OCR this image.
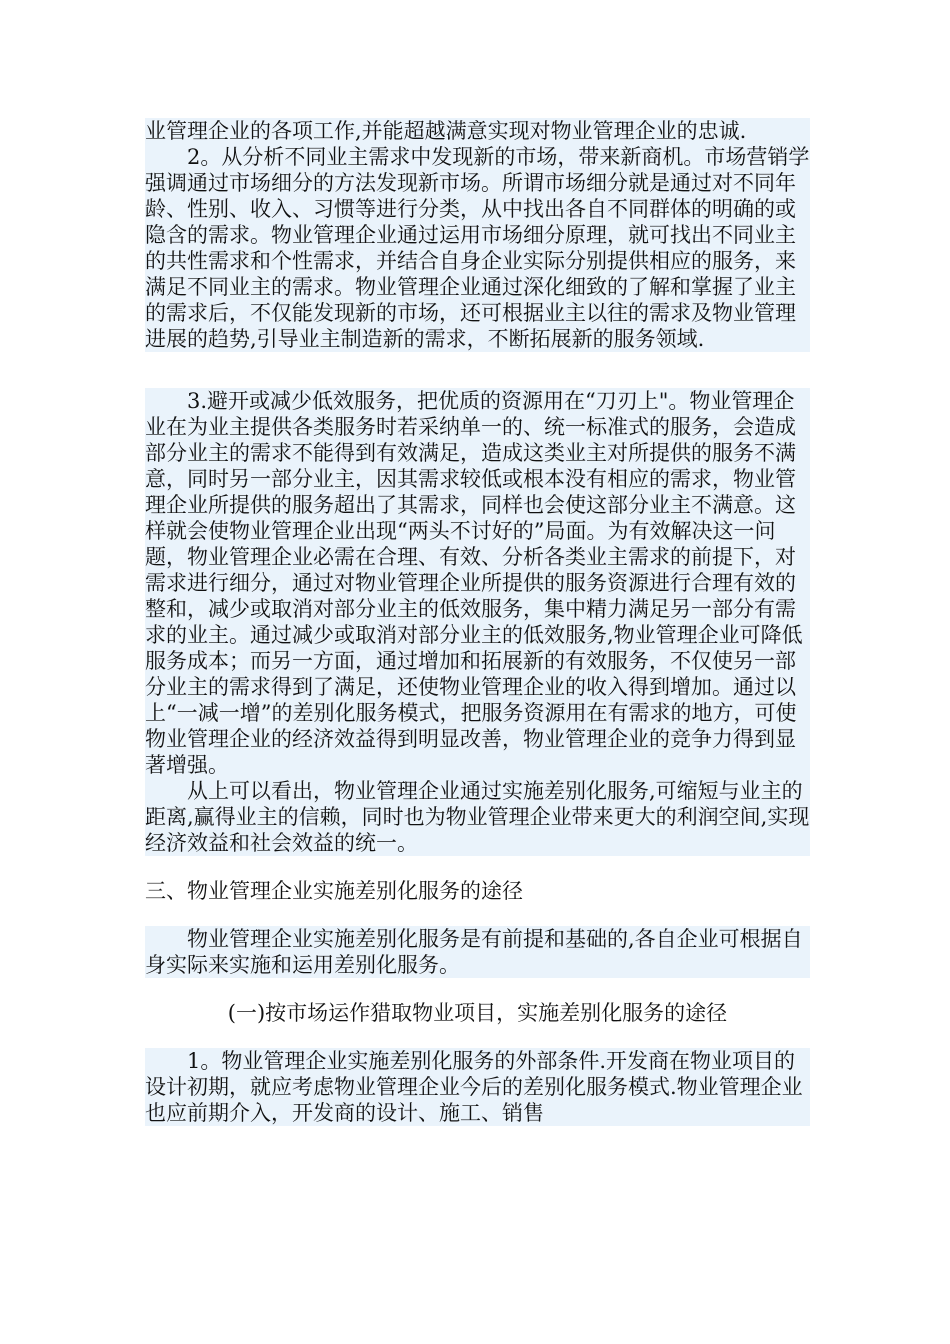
业管理企业的各项工作,并能超越满意实现对物业管理企业的忠诚.
2。从分析不同业主需求中发现新的市场，带来新商机。市场营销学强调通过市场细分的方法发现新市场。所谓市场细分就是通过对不同年龄、性别、收入、习惯等进行分类，从中找出各自不同群体的明确的或隐含的需求。物业管理企业通过运用市场细分原理，就可找出不同业主的共性需求和个性需求，并结合自身企业实际分别提供相应的服务，来满足不同业主的需求。物业管理企业通过深化细致的了解和掌握了业主的需求后，不仅能发现新的市场，还可根据业主以往的需求及物业管理进展的趋势,引导业主制造新的需求，不断拓展新的服务领域.
3.避开或减少低效服务，把优质的资源用在“刀刃上"。物业管理企业在为业主提供各类服务时若采纳单一的、统一标准式的服务，会造成部分业主的需求不能得到有效满足，造成这类业主对所提供的服务不满意，同时另一部分业主，因其需求较低或根本没有相应的需求，物业管理企业所提供的服务超出了其需求，同样也会使这部分业主不满意。这样就会使物业管理企业出现“两头不讨好的”局面。为有效解决这一问题，物业管理企业必需在合理、有效、分析各类业主需求的前提下，对需求进行细分，通过对物业管理企业所提供的服务资源进行合理有效的整和，减少或取消对部分业主的低效服务，集中精力满足另一部分有需求的业主。通过减少或取消对部分业主的低效服务,物业管理企业可降低服务成本；而另一方面，通过增加和拓展新的有效服务，不仅使另一部分业主的需求得到了满足，还使物业管理企业的收入得到增加。通过以上“一减一增”的差别化服务模式，把服务资源用在有需求的地方，可使物业管理企业的经济效益得到明显改善，物业管理企业的竞争力得到显著增强。
从上可以看出，物业管理企业通过实施差别化服务,可缩短与业主的距离,赢得业主的信赖，同时也为物业管理企业带来更大的利润空间,实现经济效益和社会效益的统一。
三、物业管理企业实施差别化服务的途径
物业管理企业实施差别化服务是有前提和基础的,各自企业可根据自身实际来实施和运用差别化服务。
(一)按市场运作猎取物业项目，实施差别化服务的途径
1。物业管理企业实施差别化服务的外部条件.开发商在物业项目的设计初期，就应考虑物业管理企业今后的差别化服务模式.物业管理企业也应前期介入，开发商的设计、施工、销售
